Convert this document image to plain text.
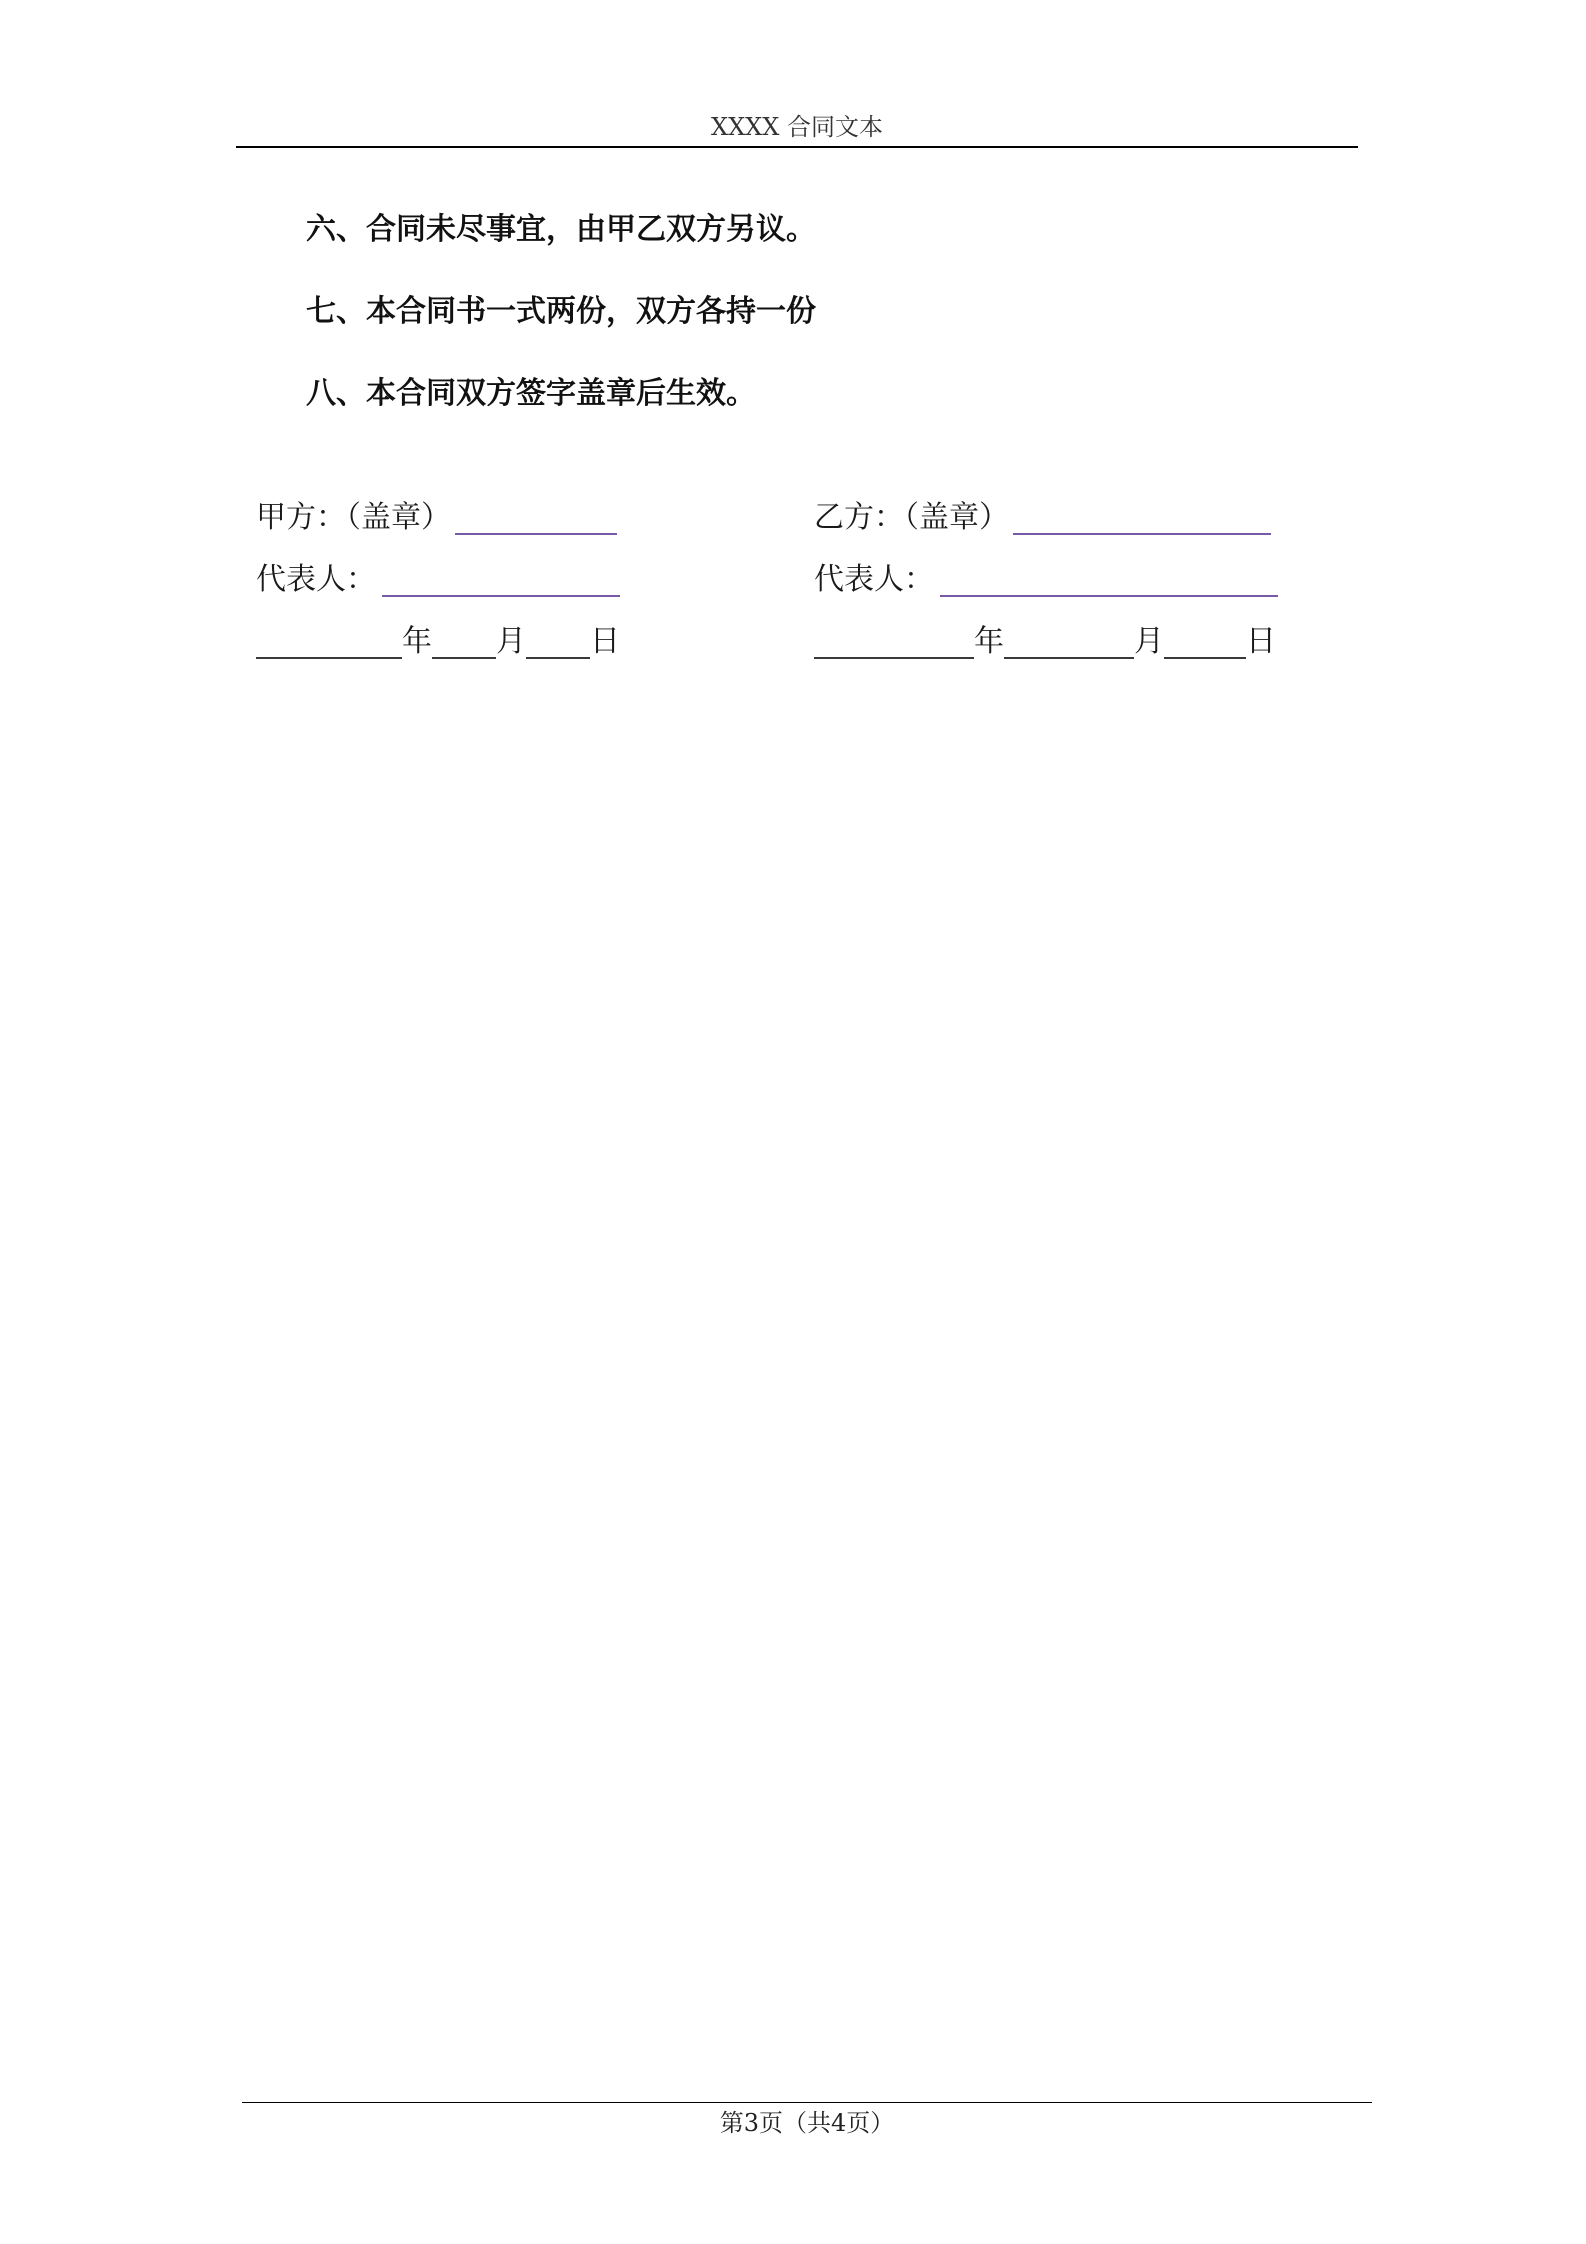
XXXX 合同文本
六、合同未尽事宜，由甲乙双方另议。
七、本合同书一式两份，双方各持一份
八、本合同双方签字盖章后生效。
甲方：（盖章）
代表人：
年 月 日
乙方：（盖章）
代表人：
年	月	日
第3页（共4页）
